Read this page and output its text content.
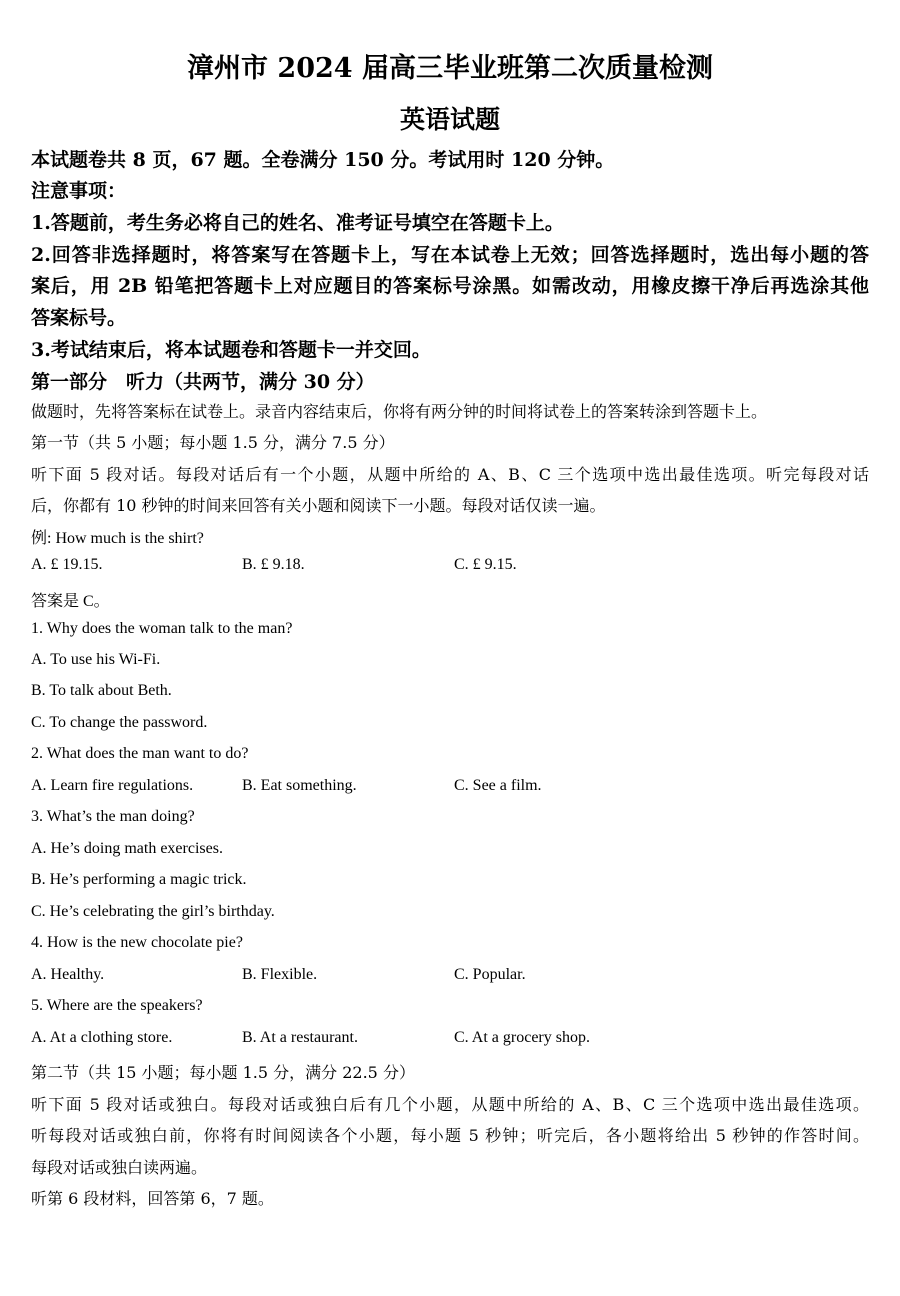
漳州市 2024 届高三毕业班第二次质量检测
英语试题
本试题卷共 8 页，67 题。全卷满分 150 分。考试用时 120 分钟。
注意事项：
1.答题前，考生务必将自己的姓名、准考证号填空在答题卡上。
2.回答非选择题时，将答案写在答题卡上，写在本试卷上无效；回答选择题时，选出每小题的答
案后，用 2B 铅笔把答题卡上对应题目的答案标号涂黑。如需改动，用橡皮擦干净后再选涂其他
答案标号。
3.考试结束后，将本试题卷和答题卡一并交回。
第一部分　听力（共两节，满分 30 分）
做题时，先将答案标在试卷上。录音内容结束后，你将有两分钟的时间将试卷上的答案转涂到答题卡上。
第一节（共 5 小题；每小题 1.5 分，满分 7.5 分）
听下面 5 段对话。每段对话后有一个小题，从题中所给的 A、B、C 三个选项中选出最佳选项。听完每段对话
后，你都有 10 秒钟的时间来回答有关小题和阅读下一小题。每段对话仅读一遍。
例: How much is the shirt?
A. £ 19.15.	B. £ 9.18.	C. £ 9.15.
答案是 C。
1. Why does the woman talk to the man?
A. To use his Wi-Fi.
B. To talk about Beth.
C. To change the password.
2. What does the man want to do?
A. Learn fire regulations.	B. Eat something.	C. See a film.
3. What’s the man doing?
A. He’s doing math exercises.
B. He’s performing a magic trick.
C. He’s celebrating the girl’s birthday.
4. How is the new chocolate pie?
A. Healthy.	B. Flexible.	C. Popular.
5. Where are the speakers?
A. At a clothing store.	B. At a restaurant.	C. At a grocery shop.
第二节（共 15 小题；每小题 1.5 分，满分 22.5 分）
听下面 5 段对话或独白。每段对话或独白后有几个小题，从题中所给的 A、B、C 三个选项中选出最佳选项。
听每段对话或独白前，你将有时间阅读各个小题，每小题 5 秒钟；听完后，各小题将给出 5 秒钟的作答时间。
每段对话或独白读两遍。
听第 6 段材料，回答第 6，7 题。
